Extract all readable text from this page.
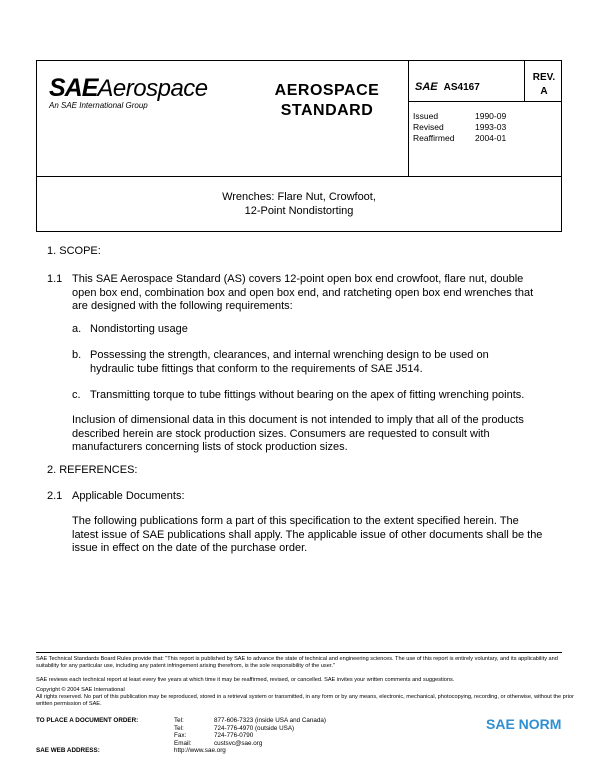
SAEAerospace
An SAE International Group
AEROSPACE
STANDARD
SAE AS4167
REV.
A
Issued	1990-09
Revised	1993-03
Reaffirmed	2004-01
Wrenches: Flare Nut, Crowfoot,
12-Point Nondistorting
1. SCOPE:
1.1 This SAE Aerospace Standard (AS) covers 12-point open box end crowfoot, flare nut, double open box end, combination box and open box end, and ratcheting open box end wrenches that are designed with the following requirements:
a. Nondistorting usage
b. Possessing the strength, clearances, and internal wrenching design to be used on hydraulic tube fittings that conform to the requirements of SAE J514.
c. Transmitting torque to tube fittings without bearing on the apex of fitting wrenching points.
Inclusion of dimensional data in this document is not intended to imply that all of the products described herein are stock production sizes. Consumers are requested to consult with manufacturers concerning lists of stock production sizes.
2. REFERENCES:
2.1 Applicable Documents:
The following publications form a part of this specification to the extent specified herein. The latest issue of SAE publications shall apply. The applicable issue of other documents shall be the issue in effect on the date of the purchase order.
SAE Technical Standards Board Rules provide that: "This report is published by SAE to advance the state of technical and engineering sciences. The use of this report is entirely voluntary, and its applicability and suitability for any particular use, including any patent infringement arising therefrom, is the sole responsibility of the user."
SAE reviews each technical report at least every five years at which time it may be reaffirmed, revised, or cancelled. SAE invites your written comments and suggestions.
Copyright © 2004 SAE International
All rights reserved. No part of this publication may be reproduced, stored in a retrieval system or transmitted, in any form or by any means, electronic, mechanical, photocopying, recording, or otherwise, without the prior written permission of SAE.
TO PLACE A DOCUMENT ORDER:	Tel:	877-606-7323 (inside USA and Canada)
Tel:	724-776-4970 (outside USA)
Fax:	724-776-0790
Email:	custsvc@sae.org
SAE WEB ADDRESS:	http://www.sae.org
SAE NORM
